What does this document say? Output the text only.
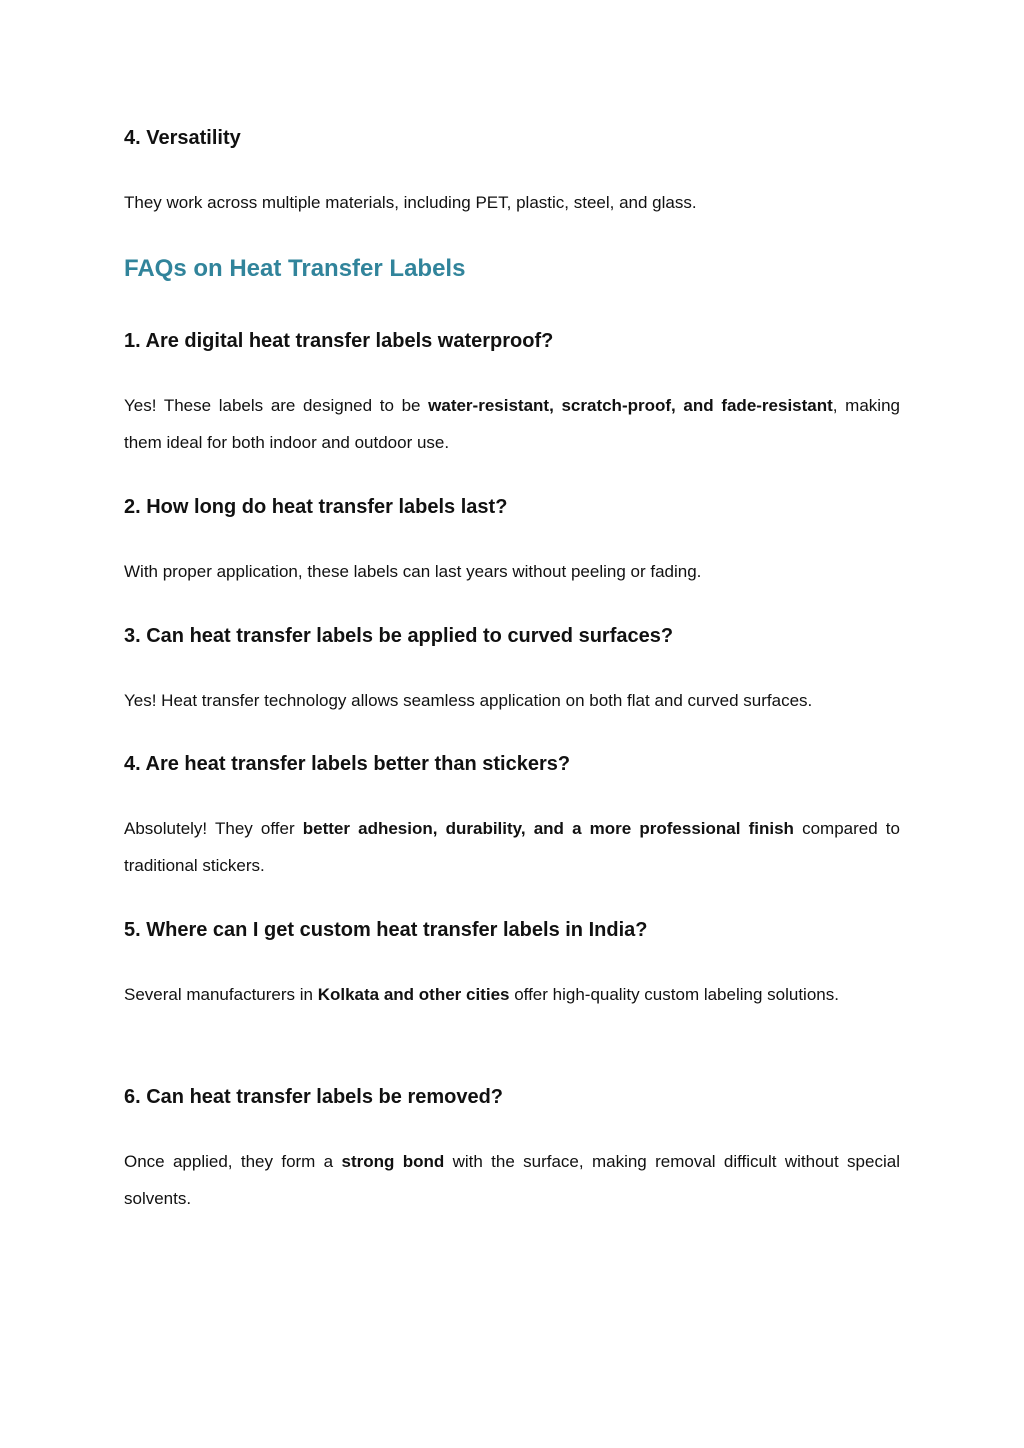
4. Versatility

They work across multiple materials, including PET, plastic, steel, and glass.

FAQs on Heat Transfer Labels
1. Are digital heat transfer labels waterproof?

Yes! These labels are designed to be water-resistant, scratch-proof, and fade-resistant, making them ideal for both indoor and outdoor use.

2. How long do heat transfer labels last?

With proper application, these labels can last years without peeling or fading.

3. Can heat transfer labels be applied to curved surfaces?

Yes! Heat transfer technology allows seamless application on both flat and curved surfaces.

4. Are heat transfer labels better than stickers?

Absolutely! They offer better adhesion, durability, and a more professional finish compared to traditional stickers.

5. Where can I get custom heat transfer labels in India?

Several manufacturers in Kolkata and other cities offer high-quality custom labeling solutions.

6. Can heat transfer labels be removed?

Once applied, they form a strong bond with the surface, making removal difficult without special solvents.
